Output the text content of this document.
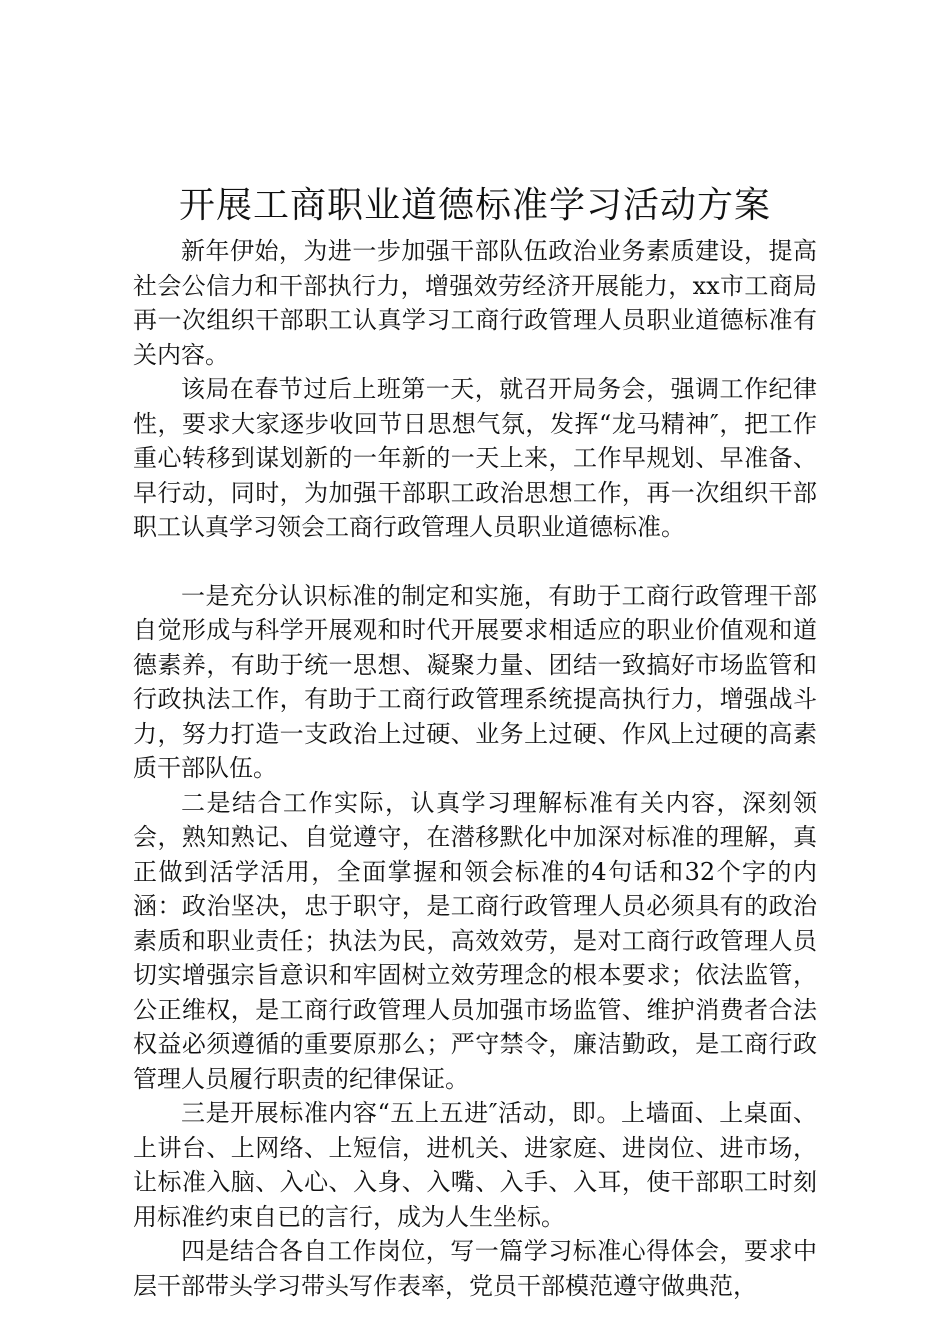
开展工商职业道德标准学习活动方案

新年伊始，为进一步加强干部队伍政治业务素质建设，提高社会公信力和干部执行力，增强效劳经济开展能力，xx市工商局再一次组织干部职工认真学习工商行政管理人员职业道德标准有关内容。

该局在春节过后上班第一天，就召开局务会，强调工作纪律性，要求大家逐步收回节日思想气氛，发挥“龙马精神″，把工作重心转移到谋划新的一年新的一天上来，工作早规划、早准备、早行动，同时，为加强干部职工政治思想工作，再一次组织干部职工认真学习领会工商行政管理人员职业道德标准。

一是充分认识标准的制定和实施，有助于工商行政管理干部自觉形成与科学开展观和时代开展要求相适应的职业价值观和道德素养，有助于统一思想、凝聚力量、团结一致搞好市场监管和行政执法工作，有助于工商行政管理系统提高执行力，增强战斗力，努力打造一支政治上过硬、业务上过硬、作风上过硬的高素质干部队伍。

二是结合工作实际，认真学习理解标准有关内容，深刻领会，熟知熟记、自觉遵守，在潜移默化中加深对标准的理解，真正做到活学活用，全面掌握和领会标准的4句话和32个字的内涵：政治坚决，忠于职守，是工商行政管理人员必须具有的政治素质和职业责任；执法为民，高效效劳，是对工商行政管理人员切实增强宗旨意识和牢固树立效劳理念的根本要求；依法监管，公正维权，是工商行政管理人员加强市场监管、维护消费者合法权益必须遵循的重要原那么；严守禁令，廉洁勤政，是工商行政管理人员履行职责的纪律保证。

三是开展标准内容“五上五进″活动，即。上墙面、上桌面、上讲台、上网络、上短信，进机关、进家庭、进岗位、进市场，让标准入脑、入心、入身、入嘴、入手、入耳，使干部职工时刻用标准约束自已的言行，成为人生坐标。

四是结合各自工作岗位，写一篇学习标准心得体会，要求中层干部带头学习带头写作表率，党员干部模范遵守做典范，
